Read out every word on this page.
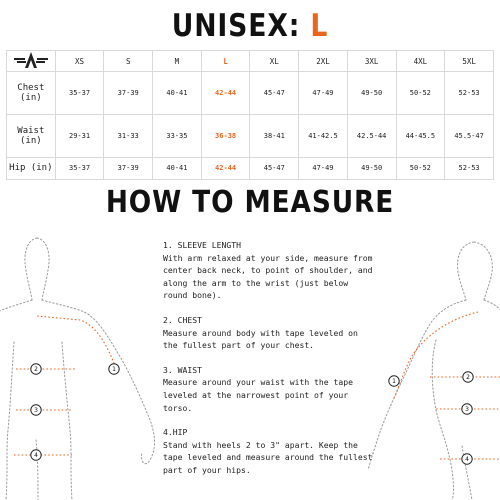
UNISEX: L
	XS	S	M	L	XL	2XL	3XL	4XL	5XL
Chest (in)	35-37	37-39	40-41	42-44	45-47	47-49	49-50	50-52	52-53
Waist (in)	29-31	31-33	33-35	36-38	38-41	41-42.5	42.5-44	44-45.5	45.5-47
Hip (in)	35-37	37-39	40-41	42-44	45-47	47-49	49-50	50-52	52-53
HOW TO MEASURE
1
2
3
4
1
2
3
4

1. SLEEVE LENGTH

With arm relaxed at your side, measure from center back neck, to point of shoulder, and along the arm to the wrist (just below round bone).

2. CHEST

Measure around body with tape leveled on the fullest part of your chest.

3. WAIST

Measure around your waist with the tape leveled at the narrowest point of your torso.

4.HIP

Stand with heels 2 to 3" apart. Keep the tape leveled and measure around the fullest part of your hips.
